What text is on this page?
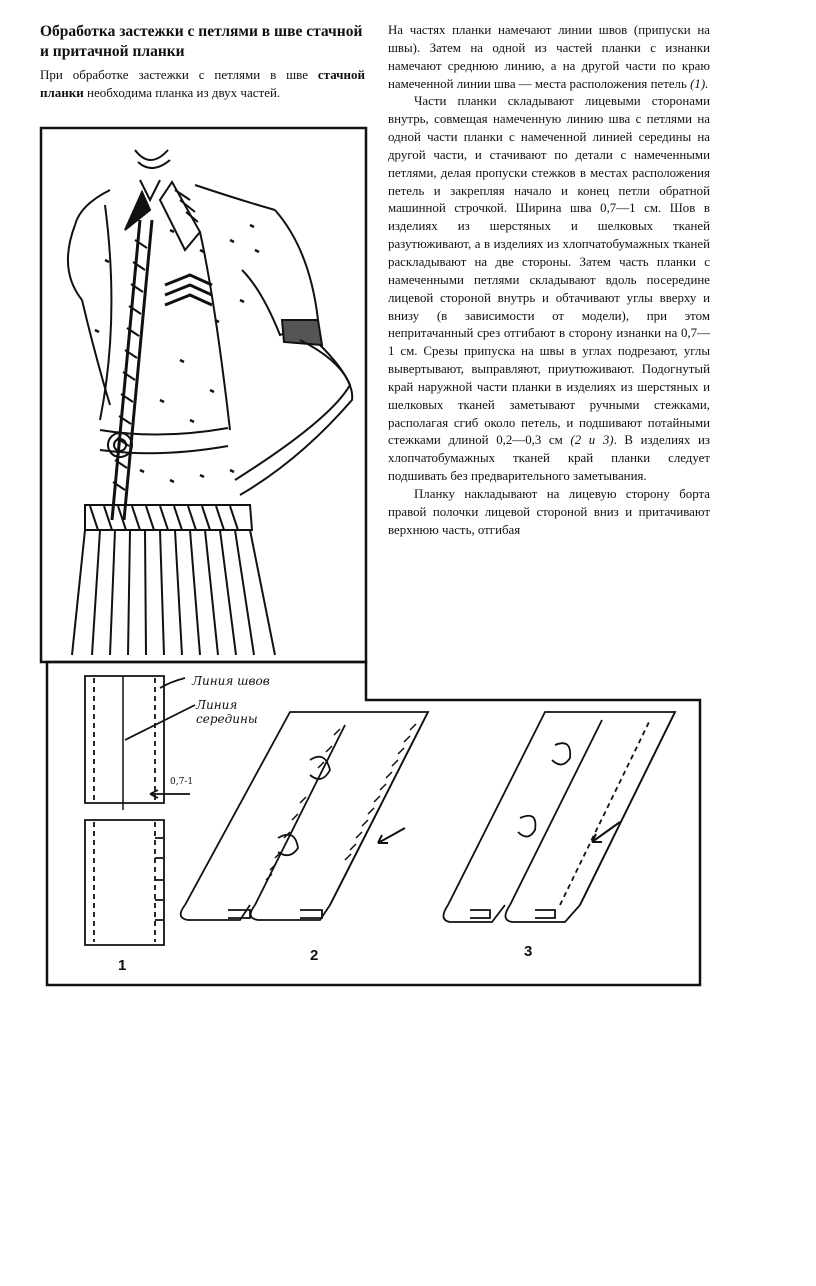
Обработка застежки с петлями в шве стачной и притачной планки

При обработке застежки с петлями в шве стачной планки необходима планка из двух частей.

На частях планки намечают линии швов (припуски на швы). Затем на одной из частей планки с изнанки намечают среднюю линию, а на другой части по краю намеченной линии шва — места расположения петель (1).

Части планки складывают лицевыми сторонами внутрь, совмещая намеченную линию шва с петлями на одной части планки с намеченной линией середины на другой части, и стачивают по детали с намеченными петлями, делая пропуски стежков в местах расположения петель и закрепляя начало и конец петли обратной машинной строчкой. Ширина шва 0,7—1 см. Шов в изделиях из шерстяных и шелковых тканей разутюживают, а в изделиях из хлопчатобумажных тканей раскладывают на две стороны. Затем часть планки с намеченными петлями складывают вдоль посередине лицевой стороной внутрь и обтачивают углы вверху и внизу (в зависимости от модели), при этом непритачанный срез отгибают в сторону изнанки на 0,7—1 см. Срезы припуска на швы в углах подрезают, углы вывертывают, выправляют, приутюживают. Подогнутый край наружной части планки в изделиях из шерстяных и шелковых тканей заметывают ручными стежками, располагая сгиб около петель, и подшивают потайными стежками длиной 0,2—0,3 см (2 и 3). В изделиях из хлопчатобумажных тканей край планки следует подшивать без предварительного заметывания.

Планку накладывают на лицевую сторону борта правой полочки лицевой стороной вниз и притачивают верхнюю часть, отгибая

Линия швов
Линия середины
0,7-1
1
2	3
